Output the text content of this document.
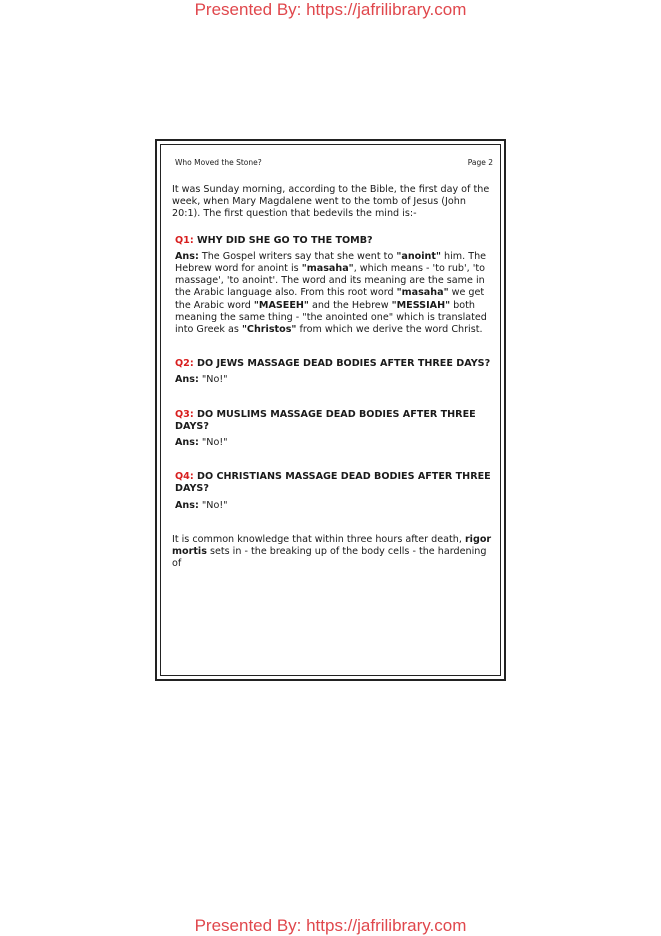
Presented By: https://jafrilibrary.com
Who Moved the Stone?	Page 2

It was Sunday morning, according to the Bible, the first day of the week, when Mary Magdalene went to the tomb of Jesus (John 20:1). The first question that bedevils the mind is:-

Q1: WHY DID SHE GO TO THE TOMB?

Ans: The Gospel writers say that she went to "anoint" him. The Hebrew word for anoint is "masaha", which means - 'to rub', 'to massage', 'to anoint'. The word and its meaning are the same in the Arabic language also. From this root word "masaha" we get the Arabic word "MASEEH" and the Hebrew "MESSIAH" both meaning the same thing - "the anointed one" which is translated into Greek as "Christos" from which we derive the word Christ.

Q2: DO JEWS MASSAGE DEAD BODIES AFTER THREE DAYS?

Ans: "No!"

Q3: DO MUSLIMS MASSAGE DEAD BODIES AFTER THREE DAYS?

Ans: "No!"

Q4: DO CHRISTIANS MASSAGE DEAD BODIES AFTER THREE DAYS?

Ans: "No!"

It is common knowledge that within three hours after death, rigor mortis sets in - the breaking up of the body cells - the hardening of

Presented By: https://jafrilibrary.com
